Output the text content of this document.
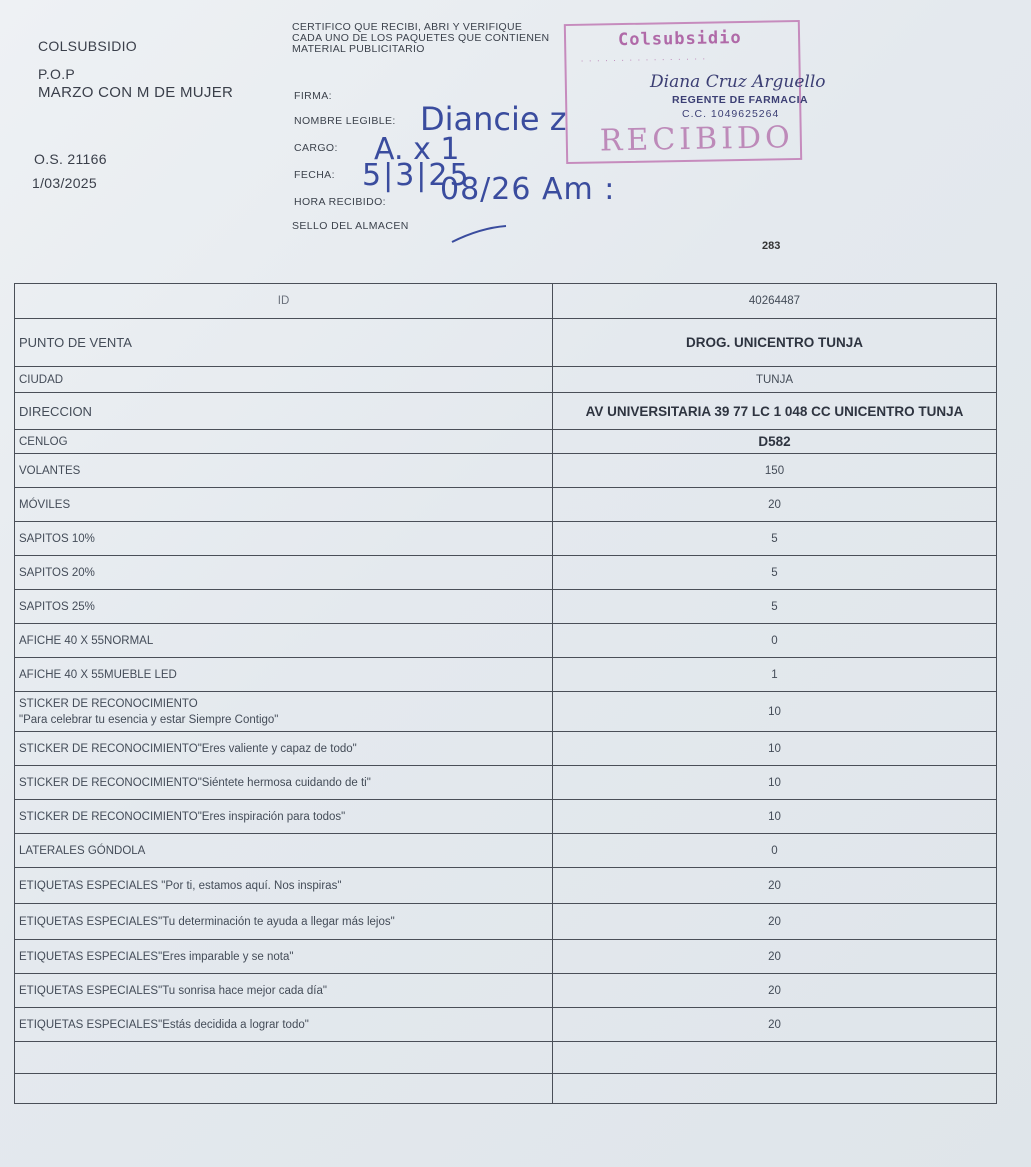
COLSUBSIDIO
P.O.P
MARZO CON M DE MUJER
O.S. 21166
1/03/2025
CERTIFICO QUE RECIBI, ABRI Y VERIFIQUE CADA UNO DE LOS PAQUETES QUE CONTIENEN MATERIAL PUBLICITARIO
FIRMA:
NOMBRE LEGIBLE:
CARGO:
FECHA:
HORA RECIBIDO:
SELLO DEL ALMACEN
Diancie z
A. x 1
5|3|25
08/26 Am :
Colsubsidio
· · · · · · · · · · · · · · · ·
RECIBIDO
Diana Cruz Arguello
REGENTE DE FARMACIA
C.C. 1049625264
283
ID	40264487
PUNTO DE VENTA	DROG. UNICENTRO TUNJA
CIUDAD	TUNJA
DIRECCION	AV UNIVERSITARIA 39 77 LC 1 048 CC UNICENTRO TUNJA
CENLOG	D582
VOLANTES	150
MÓVILES	20
SAPITOS 10%	5
SAPITOS 20%	5
SAPITOS 25%	5
AFICHE 40 X 55NORMAL	0
AFICHE 40 X 55MUEBLE LED	1
STICKER DE RECONOCIMIENTO
"Para celebrar tu esencia y estar Siempre Contigo"	10
STICKER DE RECONOCIMIENTO"Eres valiente y capaz de todo"	10
STICKER DE RECONOCIMIENTO"Siéntete hermosa cuidando de ti"	10
STICKER DE RECONOCIMIENTO"Eres inspiración para todos"	10
LATERALES GÓNDOLA	0
ETIQUETAS ESPECIALES "Por ti, estamos aquí. Nos inspiras"	20
ETIQUETAS ESPECIALES"Tu determinación te ayuda a llegar más lejos"	20
ETIQUETAS ESPECIALES"Eres imparable y se nota"	20
ETIQUETAS ESPECIALES"Tu sonrisa hace mejor cada día"	20
ETIQUETAS ESPECIALES"Estás decidida a lograr todo"	20
